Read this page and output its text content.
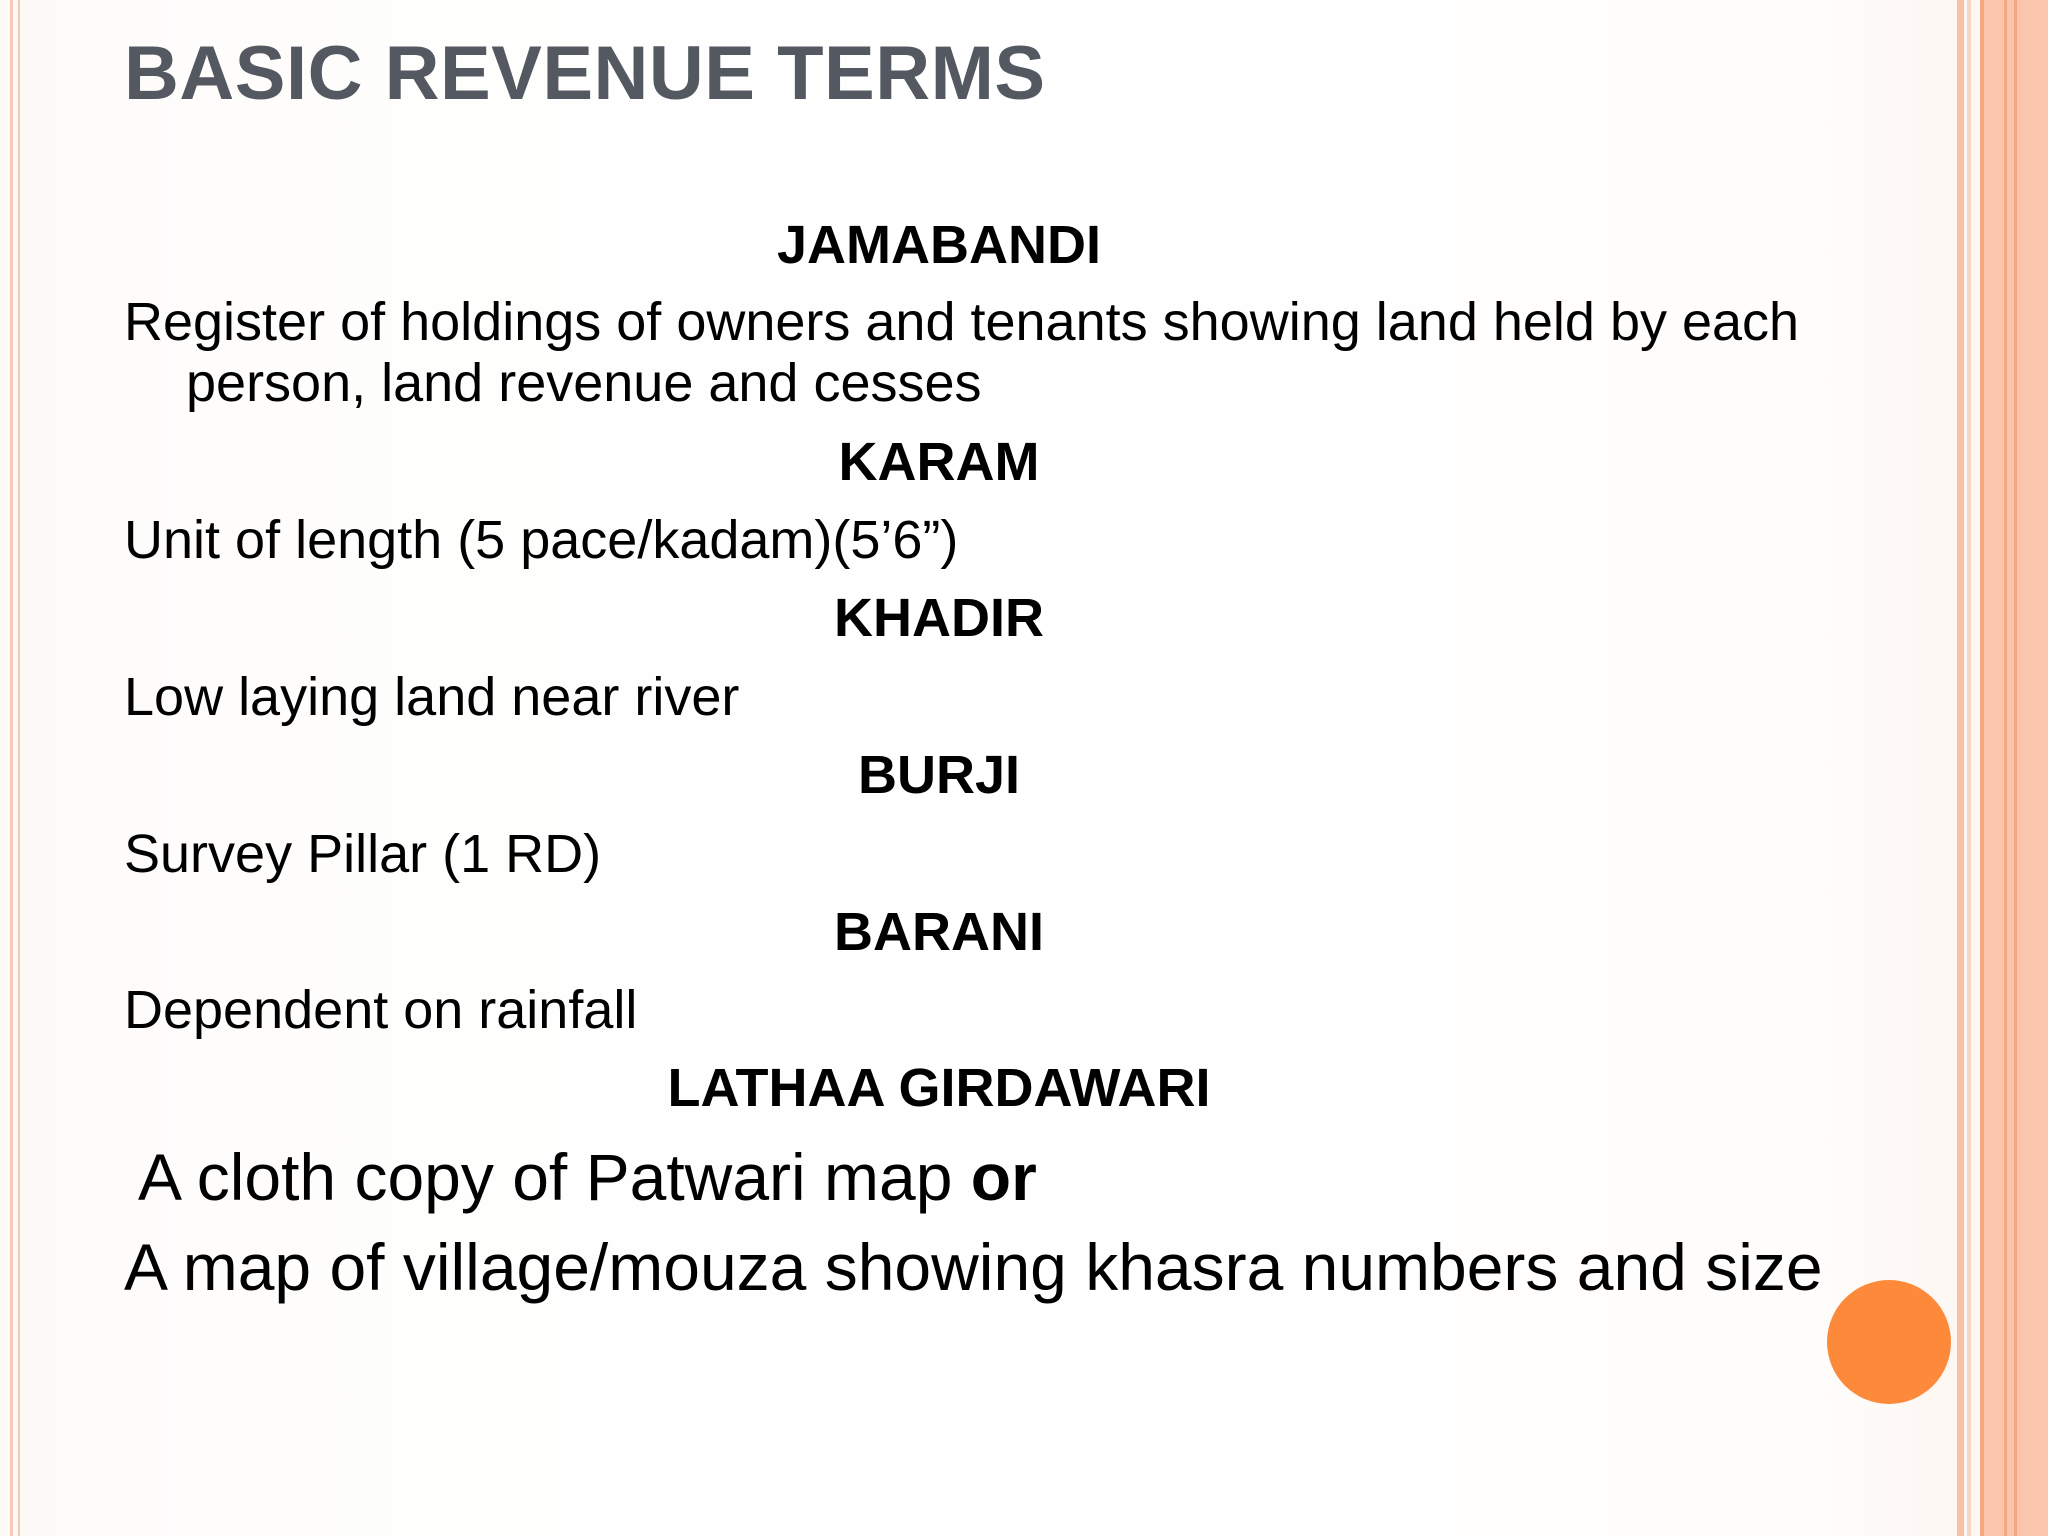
BASIC REVENUE TERMS

JAMABANDI

Register of holdings of owners and tenants showing land held by each person, land revenue and cesses

KARAM

Unit of length (5 pace/kadam)(5’6”)

KHADIR

Low laying land near river

BURJI

Survey Pillar (1 RD)

BARANI

Dependent on rainfall

LATHAA GIRDAWARI

A cloth copy of Patwari map or

A map of village/mouza showing khasra numbers and size
